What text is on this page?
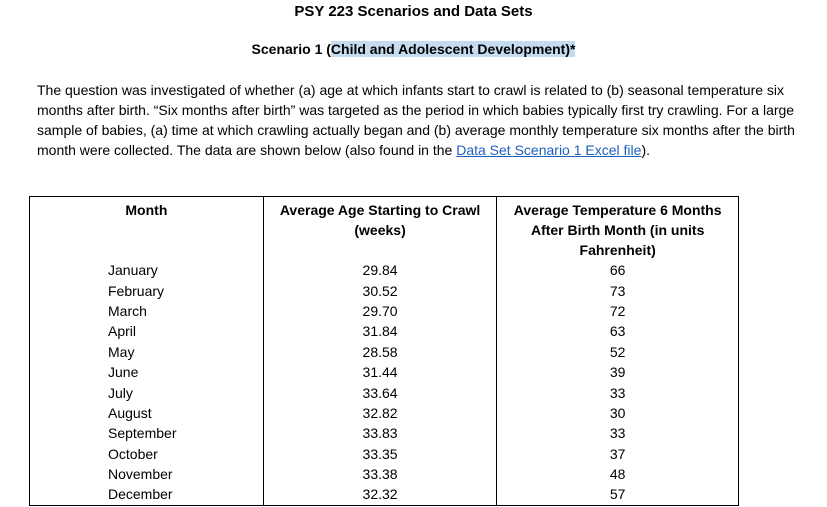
PSY 223 Scenarios and Data Sets
Scenario 1 (Child and Adolescent Development)*

The question was investigated of whether (a) age at which infants start to crawl is related to (b) seasonal temperature six months after birth. “Six months after birth” was targeted as the period in which babies typically first try crawling. For a large sample of babies, (a) time at which crawling actually began and (b) average monthly temperature six months after the birth month were collected. The data are shown below (also found in the Data Set Scenario 1 Excel file).

Month	Average Age Starting to Crawl (weeks)	Average Temperature 6 Months After Birth Month (in units Fahrenheit)
January	29.84	66
February	30.52	73
March	29.70	72
April	31.84	63
May	28.58	52
June	31.44	39
July	33.64	33
August	32.82	30
September	33.83	33
October	33.35	37
November	33.38	48
December	32.32	57
